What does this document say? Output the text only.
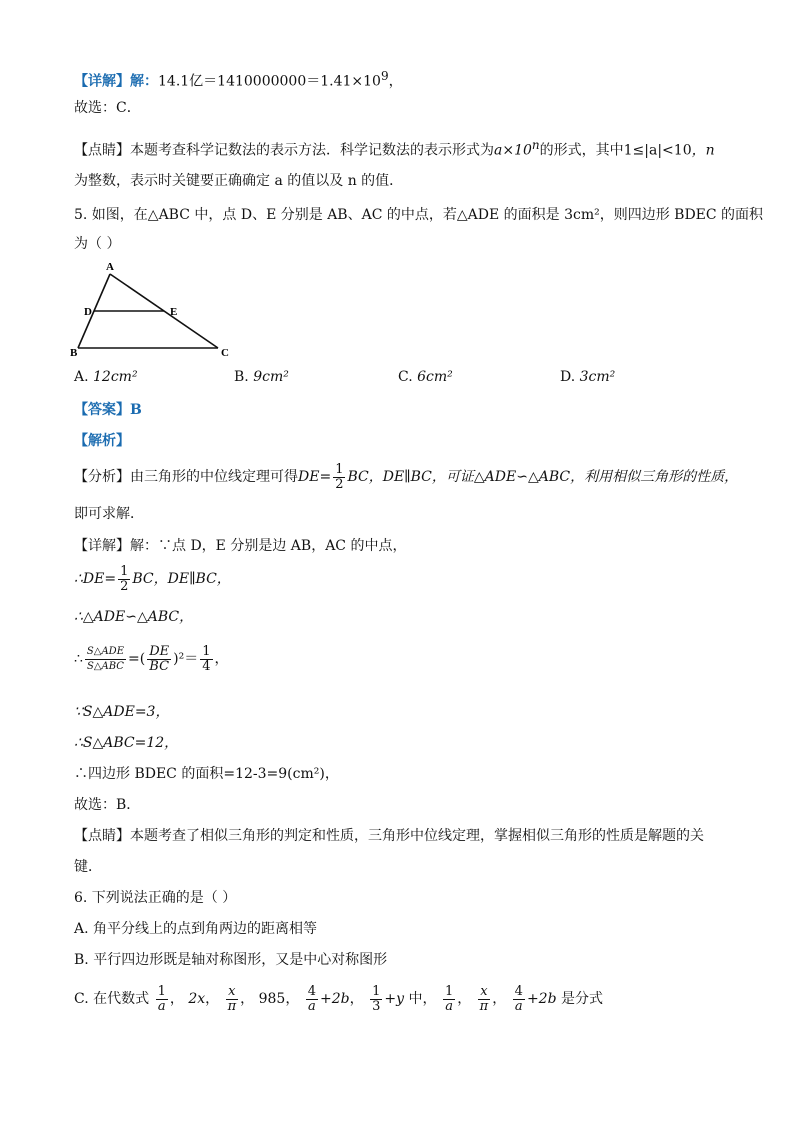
【详解】解：14.1亿$=1410000000=1.41\times 10^9$，
故选：C．
【点睛】本题考查科学记数法的表示方法．科学记数法的表示形式为$a\times 10^n$的形式，其中1≤|a|<10，n
为整数，表示时关键要正确确定 a 的值以及 n 的值．
5. 如图，在△ABC 中，点 D、E 分别是 AB、AC 的中点，若△ADE 的面积是 3cm²，则四边形 BDEC 的面积
为（ ）
A
D	E
B	C
A. 12cm²	B. 9cm²	C. 6cm²	D. 3cm²
【答案】B
【解析】
【分析】由三角形的中位线定理可得$DE= \frac{1}{2}$ BC，DE∥BC，可证△ADE∽△ABC，利用相似三角形的性质，
即可求解．
【详解】解：∵点 D，E 分别是边 AB，AC 的中点，
∴DE= $\frac{1}{2}$ BC，DE∥BC，
∴△ADE∽△ABC，
∴ $\frac{\text{S△ADE}}{\text{S△ABC}}$ =( $\frac{DE}{BC} )^2= \frac{1}{4}$ ，
∵S△ADE=3，
∴S△ABC=12，
∴四边形 BDEC 的面积=12-3=9(cm²)，
故选：B．
【点睛】本题考查了相似三角形的判定和性质，三角形中位线定理，掌握相似三角形的性质是解题的关
键．
6. 下列说法正确的是（ ）
A. 角平分线上的点到角两边的距离相等
B. 平行四边形既是轴对称图形，又是中心对称图形
C. 在代数式 $\frac{1}{a}$ ， 2x， $\frac{x}{\pi}$ ， 985， $\frac{4}{a} +2b$， $\frac{1}{3} +y$ 中， $\frac{1}{a}$ ， $\frac{x}{\pi}$ ， $\frac{4}{a} +2b$ 是分式
